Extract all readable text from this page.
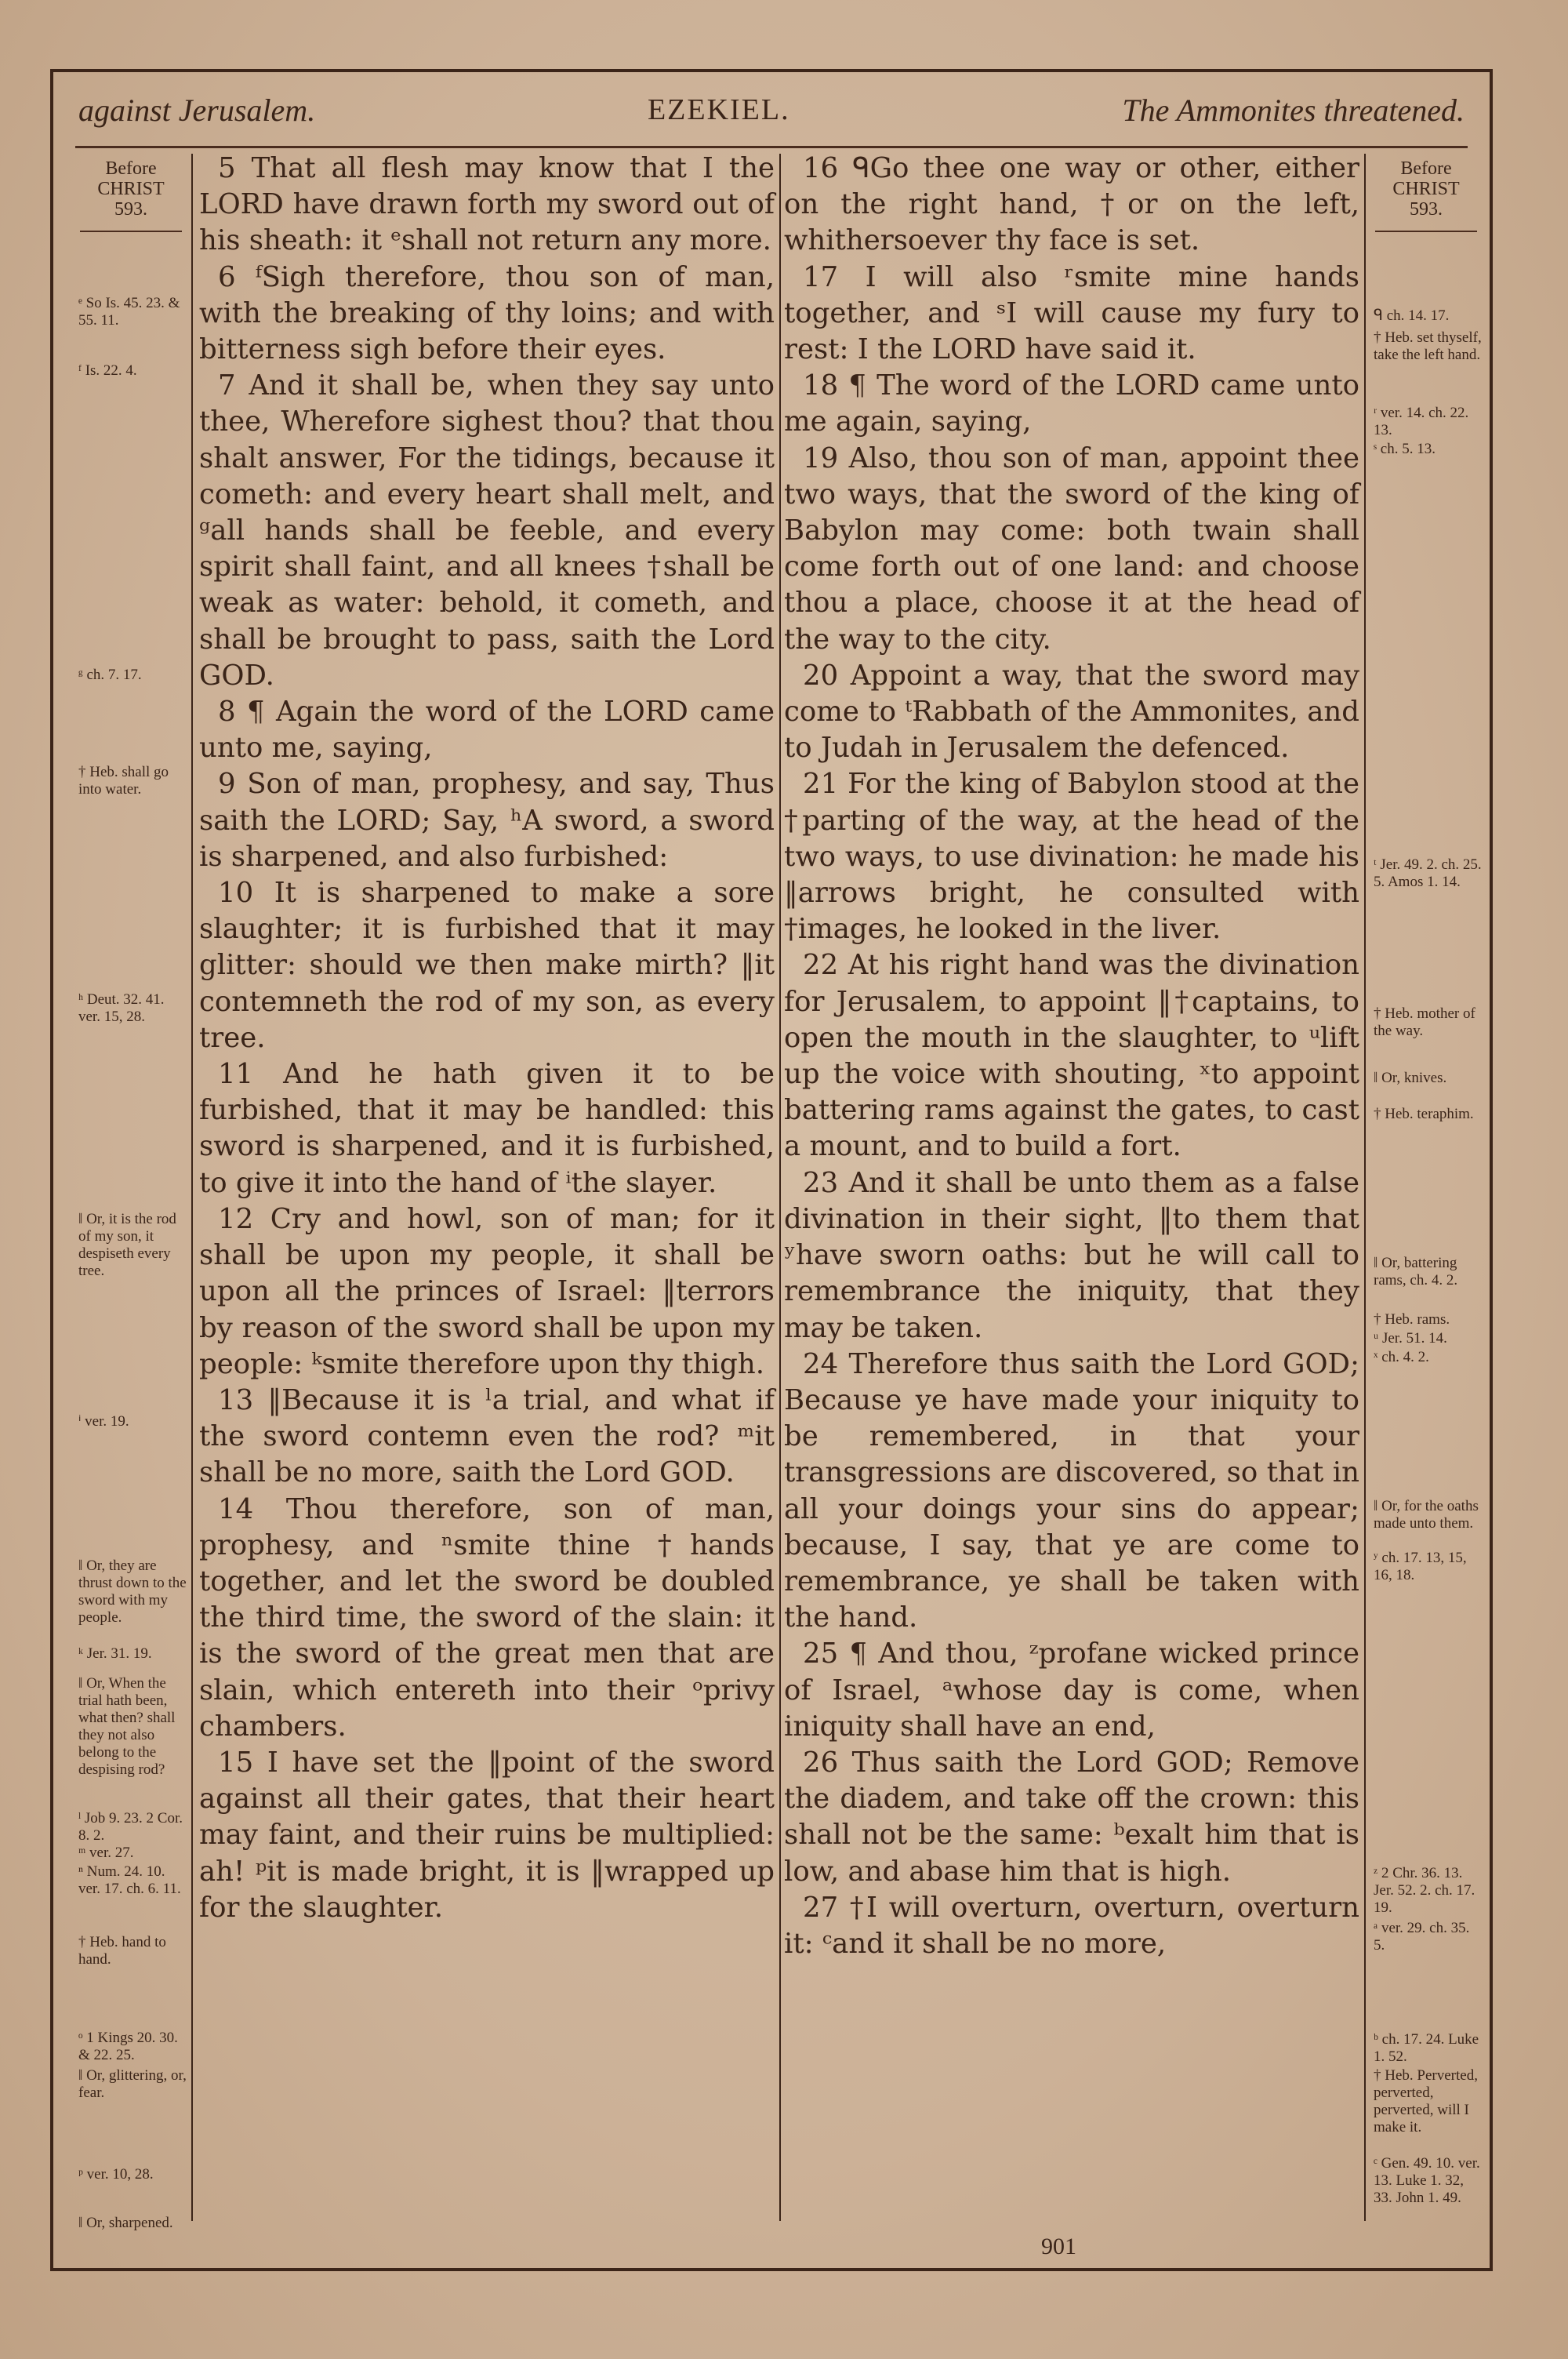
against Jerusalem.	EZEKIEL.	The Ammonites threatened.
Before
CHRIST
593.
ᵉ So Is. 45. 23. & 55. 11.
ᶠ Is. 22. 4.
ᵍ ch. 7. 17.
† Heb. shall go into water.
ʰ Deut. 32. 41. ver. 15, 28.
‖ Or, it is the rod of my son, it despiseth every tree.
ⁱ ver. 19.
‖ Or, they are thrust down to the sword with my people.
ᵏ Jer. 31. 19.
‖ Or, When the trial hath been, what then? shall they not also belong to the despising rod?
ˡ Job 9. 23. 2 Cor. 8. 2.
ᵐ ver. 27.
ⁿ Num. 24. 10. ver. 17. ch. 6. 11.
† Heb. hand to hand.
ᵒ 1 Kings 20. 30. & 22. 25.
‖ Or, glittering, or, fear.
ᵖ ver. 10, 28.
‖ Or, sharpened.

5 That all flesh may know that I the LORD have drawn forth my sword out of his sheath: it ᵉshall not return any more.

6 ᶠSigh therefore, thou son of man, with the breaking of thy loins; and with bitterness sigh before their eyes.

7 And it shall be, when they say unto thee, Wherefore sighest thou? that thou shalt answer, For the tidings, because it cometh: and every heart shall melt, and ᵍall hands shall be feeble, and every spirit shall faint, and all knees †shall be weak as water: behold, it cometh, and shall be brought to pass, saith the Lord GOD.

8 ¶ Again the word of the LORD came unto me, saying,

9 Son of man, prophesy, and say, Thus saith the LORD; Say, ʰA sword, a sword is sharpened, and also furbished:

10 It is sharpened to make a sore slaughter; it is furbished that it may glitter: should we then make mirth? ‖it contemneth the rod of my son, as every tree.

11 And he hath given it to be furbished, that it may be handled: this sword is sharpened, and it is furbished, to give it into the hand of ⁱthe slayer.

12 Cry and howl, son of man; for it shall be upon my people, it shall be upon all the princes of Israel: ‖terrors by reason of the sword shall be upon my people: ᵏsmite therefore upon thy thigh.

13 ‖Because it is ˡa trial, and what if the sword contemn even the rod? ᵐit shall be no more, saith the Lord GOD.

14 Thou therefore, son of man, prophesy, and ⁿsmite thine †hands together, and let the sword be doubled the third time, the sword of the slain: it is the sword of the great men that are slain, which entereth into their ᵒprivy chambers.

15 I have set the ‖point of the sword against all their gates, that their heart may faint, and their ruins be multiplied: ah! ᵖit is made bright, it is ‖wrapped up for the slaughter.

16 ᑫGo thee one way or other, either on the right hand, †or on the left, whithersoever thy face is set.

17 I will also ʳsmite mine hands together, and ˢI will cause my fury to rest: I the LORD have said it.

18 ¶ The word of the LORD came unto me again, saying,

19 Also, thou son of man, appoint thee two ways, that the sword of the king of Babylon may come: both twain shall come forth out of one land: and choose thou a place, choose it at the head of the way to the city.

20 Appoint a way, that the sword may come to ᵗRabbath of the Ammonites, and to Judah in Jerusalem the defenced.

21 For the king of Babylon stood at the †parting of the way, at the head of the two ways, to use divination: he made his ‖arrows bright, he consulted with †images, he looked in the liver.

22 At his right hand was the divination for Jerusalem, to appoint ‖†captains, to open the mouth in the slaughter, to ᵘlift up the voice with shouting, ˣto appoint battering rams against the gates, to cast a mount, and to build a fort.

23 And it shall be unto them as a false divination in their sight, ‖to them that ʸhave sworn oaths: but he will call to remembrance the iniquity, that they may be taken.

24 Therefore thus saith the Lord GOD; Because ye have made your iniquity to be remembered, in that your transgressions are discovered, so that in all your doings your sins do appear; because, I say, that ye are come to remembrance, ye shall be taken with the hand.

25 ¶ And thou, ᶻprofane wicked prince of Israel, ᵃwhose day is come, when iniquity shall have an end,

26 Thus saith the Lord GOD; Remove the diadem, and take off the crown: this shall not be the same: ᵇexalt him that is low, and abase him that is high.

27 †I will overturn, overturn, overturn it: ᶜand it shall be no more,

Before
CHRIST
593.
ᑫ ch. 14. 17.
† Heb. set thyself, take the left hand.
ʳ ver. 14. ch. 22. 13.
ˢ ch. 5. 13.
ᵗ Jer. 49. 2. ch. 25. 5. Amos 1. 14.
† Heb. mother of the way.
‖ Or, knives.
† Heb. teraphim.
‖ Or, battering rams, ch. 4. 2.
† Heb. rams.
ᵘ Jer. 51. 14.
ˣ ch. 4. 2.
‖ Or, for the oaths made unto them.
ʸ ch. 17. 13, 15, 16, 18.
ᶻ 2 Chr. 36. 13. Jer. 52. 2. ch. 17. 19.
ᵃ ver. 29. ch. 35. 5.
ᵇ ch. 17. 24. Luke 1. 52.
† Heb. Perverted, perverted, perverted, will I make it.
ᶜ Gen. 49. 10. ver. 13. Luke 1. 32, 33. John 1. 49.
901
